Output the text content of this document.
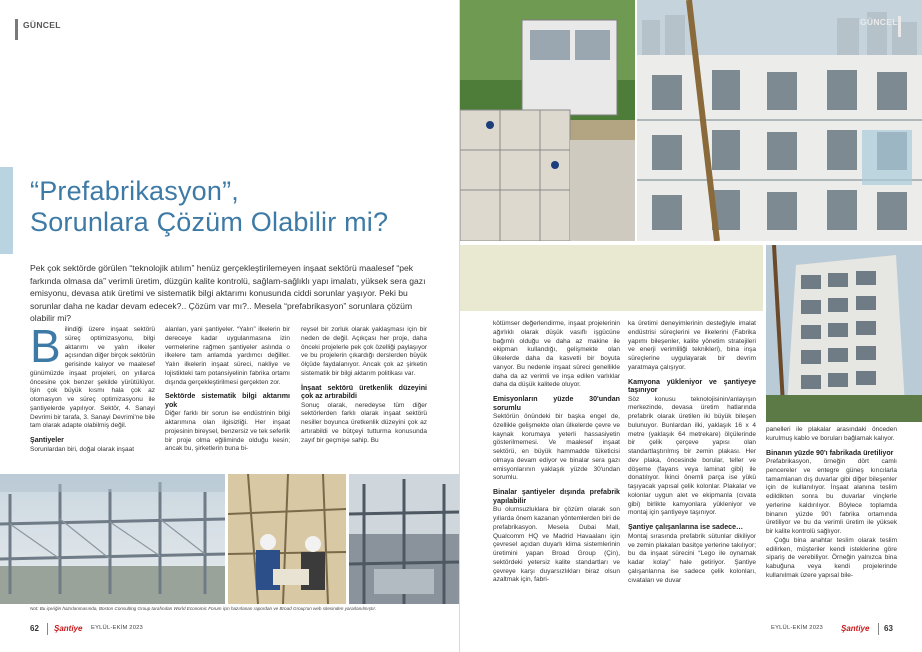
GÜNCEL
“Prefabrikasyon”,
Sorunlara Çözüm Olabilir mi?

Pek çok sektörde görülen “teknolojik atılım” henüz gerçekleştirilemeyen inşaat sektörü maalesef “pek farkında olmasa da” verimli üretim, düzgün kalite kontrolü, sağlam-sağlıklı yapı imalatı, yüksek sera gazı emisyonu, devasa atık üretimi ve sistematik bilgi aktarımı konusunda ciddi sorunlar yaşıyor. Peki bu sorunlar daha ne kadar devam edecek?.. Çözüm var mı?.. Mesela “prefabrikasyon” sorunlara çözüm olabilir mi?

B ilindiği üzere inşaat sektörü süreç optimizasyonu, bilgi aktarımı ve yalın ilkeler açısından diğer birçok sektörün gerisinde kalıyor ve maalesef günümüzde inşaat projeleri, on yıllarca öncesine çok benzer şekilde yürütülüyor. Işin çok büyük kısmı hala çok az otomasyon ve süreç optimizasyonu ile şantiyelerde yapılıyor. Sektör, 4. Sanayi Devrimi bir tarafa, 3. Sanayi Devrimi'ne bile tam olarak adapte olabilmiş değil.

Şantiyeler

Sorunlardan biri, doğal olarak inşaat

alanları, yani şantiyeler. “Yalın” ilkelerin bir dereceye kadar uygulanmasına izin vermelerine rağmen şantiyeler aslında o ilkelere tam anlamda yardımcı değiller. Yalın ilkelerin inşaat süreci, nakliye ve lojistikteki tam potansiyelinin fabrika ortamı dışında gerçekleştirilmesi gerçekten zor.

Sektörde sistematik bilgi aktarımı yok

Diğer farklı bir sorun ise endüstrinin bilgi aktarımına olan ilgisizliği. Her inşaat projesinin bireysel, benzersiz ve tek seferlik bir proje olma eğiliminde olduğu kesin; ancak bu, şirketlerin buna bi-

reysel bir zorluk olarak yaklaşması için bir neden de değil. Açıkçası her proje, daha önceki projelerle pek çok özelliği paylaşıyor ve bu projelerin çıkardığı derslerden büyük ölçüde faydalanıyor. Ancak çok az şirketin sistematik bir bilgi aktarım politikası var.

İnşaat sektörü üretkenlik düzeyini çok az artırabildi

Sonuç olarak, neredeyse tüm diğer sektörlerden farklı olarak inşaat sektörü nesiller boyunca üretkenlik düzeyini çok az artırabildi ve bütçeyi tutturma konusunda zayıf bir geçmişe sahip. Bu

Not: Bu içeriğin hazırlanmasında, Boston Consulting Group tarafından World Economic Forum için hazırlanan rapordan ve Broad Group'un web sitesinden yararlanılmıştır.
62 Şantiye EYLÜL-EKİM 2023
GÜNCEL

kötümser değerlendirme, inşaat projelerinin ağırlıklı olarak düşük vasıflı işgücüne bağımlı olduğu ve daha az makine ile ekipman kullandığı, gelişmekte olan ülkelerde daha da kasvetli bir boyuta varıyor. Bu nedenle inşaat süreci genellikle daha da az verimli ve inşa edilen varlıklar daha da düşük kalitede oluyor.

Emisyonların yüzde 30'undan sorumlu

Sektörün önündeki bir başka engel de, özellikle gelişmekte olan ülkelerde çevre ve kaynak korumaya yeterli hassasiyetin gösterilmemesi. Ve maalesef inşaat sektörü, en büyük hammadde tüketicisi olmaya devam ediyor ve binalar sera gazı emisyonlarının yaklaşık yüzde 30'undan sorumlu.

Binalar şantiyeler dışında prefabrik yapılabilir

Bu olumsuzluklara bir çözüm olarak son yıllarda önem kazanan yöntemlerden biri de prefabrikasyon. Mesela Dubai Mall, Qualcomm HQ ve Madrid Havaalanı için çevresel açıdan duyarlı klima sistemlerinin üretimini yapan Broad Group (Çin), sektördeki yetersiz kalite standartları ve çevreye karşı duyarsızlıkları biraz olsun azaltmak için, fabri-

ka üretimi deneyimlerinin desteğiyle imalat endüstrisi süreçlerini ve ilkelerini (Fabrika yapımı bileşenler, kalite yönetim stratejileri ve enerji verimliliği teknikleri), bina inşa süreçlerine uygulayarak bir devrim yaratmaya çalışıyor.

Kamyona yükleniyor ve şantiyeye taşınıyor

Söz konusu teknolojisinin/anlayışın merkezinde, devasa üretim hatlarında prefabrik olarak üretilen iki büyük bileşen bulunuyor. Bunlardan ilki, yaklaşık 16 x 4 metre (yaklaşık 64 metrekare) ölçülerinde bir çelik çerçeve yapısı olan standartlaştırılmış bir zemin plakası. Her dev plaka, öncesinde borular, teller ve döşeme (fayans veya laminat gibi) ile donatılıyor. İkinci önemli parça ise yükü taşıyacak yapısal çelik kolonlar. Plakalar ve kolonlar uygun alet ve ekipmanla (cıvata gibi) birlikte kamyonlara yükleniyor ve montaj için şantiyeye taşınıyor.

Şantiye çalışanlarına ise sadece…

Montaj sırasında prefabrik sütunlar dikiliyor ve zemin plakaları basitçe yerlerine takılıyor; bu da inşaat sürecini “Lego ile oynamak kadar kolay” hale getiriyor. Şantiye çalışanlarına ise sadece çelik kolonları, cıvataları ve duvar

panelleri ile plakalar arasındaki önceden kurulmuş kablo ve boruları bağlamak kalıyor.

Binanın yüzde 90'ı fabrikada üretiliyor

Prefabrikasyon, örneğin dört camlı pencereler ve entegre güneş kırıcılarla tamamlanan dış duvarlar gibi diğer bileşenler için de kullanılıyor. İnşaat alanına teslim edildikten sonra bu duvarlar vinçlerle yerlerine kaldırılıyor. Böylece toplamda binanın yüzde 90'ı fabrika ortamında üretiliyor ve bu da verimli üretim ile yüksek bir kalite kontrolü sağlıyor.

Çoğu bina anahtar teslim olarak teslim edilirken, müşteriler kendi isteklerine göre sipariş de verebiliyor. Örneğin yalnızca bina kabuğuna veya kendi projelerinde kullanılmak üzere yapısal bile-

EYLÜL-EKİM 2023 Şantiye 63
